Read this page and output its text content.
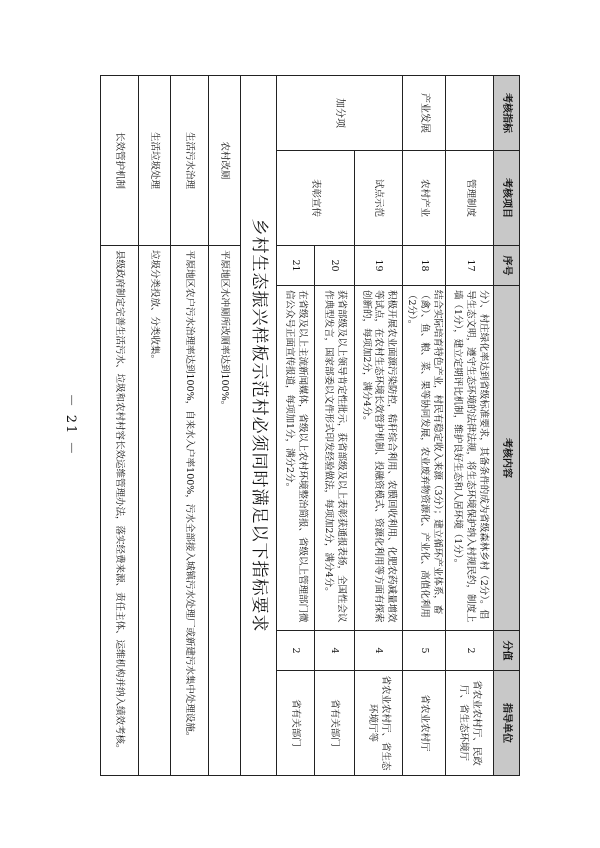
考核指标	考核项目	序号	考核内容	分值	指导单位
	管理制度	17	分）、村庄绿化率达到省级标准要求，其备条件的成为省级森林乡村（2分）。倡导生态文明，遵守生态环境的法律法规，将生态环境保护纳入村规民约，制度上墙（1分），建立定期评比机制，维护良好生态和人居环境（1分）。	2	省农业农村厅、民政厅、省生态环境厅
产业发展	农村产业	18	结合实际培育特色产业，村民有稳定收入来源（3分）；建立循环产业体系，畜（禽）、鱼、粮、菜、果等协同发展，农业废弃物资源化、产业化、高值化利用（2分）。	5	省农业农村厅
加分项	试点示范	19	积极开展农业面源污染防控，秸秆综合利用、农膜回收利用、化肥农药减量增效等试点，在农村生态环境长效管护机制、投融资模式、资源化利用等方面有探索创新的，每项加2分，满分4分。	4	省农业农村厅、省生态环境厅等
	表彰宣传	20	获省部级及以上领导肯定性批示，获省部级及以上表彰获通报表扬，全国性会议作典型发言，国家部委以文件形式印发经验做法，每项加2分，满分4分。	4	省有关部门
		21	在省级及以上主流新闻媒体，省级以上农村环境整治简报、省级以上管理部门微信公众号正面宣传报道，每项加1分，满分2分。	2	省有关部门
乡村生态振兴样板示范村必须同时满足以下指标要求					
农村改厕		平原地区水冲厕所改厕率达到100%。			
生活污水治理		平原地区农户污水治理率达到100%，自来水入户率100%，污水全部接入城镇污水处理厂或新建污水集中处理设施。			
生活垃圾处理		垃圾分类投放、分类收集。			
长效管护机制		县级政府制定完善生活污水、垃圾和农村村容长效运维管理办法，落实经费来源、责任主体、运维机构并纳入绩效考核。			
－ 21 －
